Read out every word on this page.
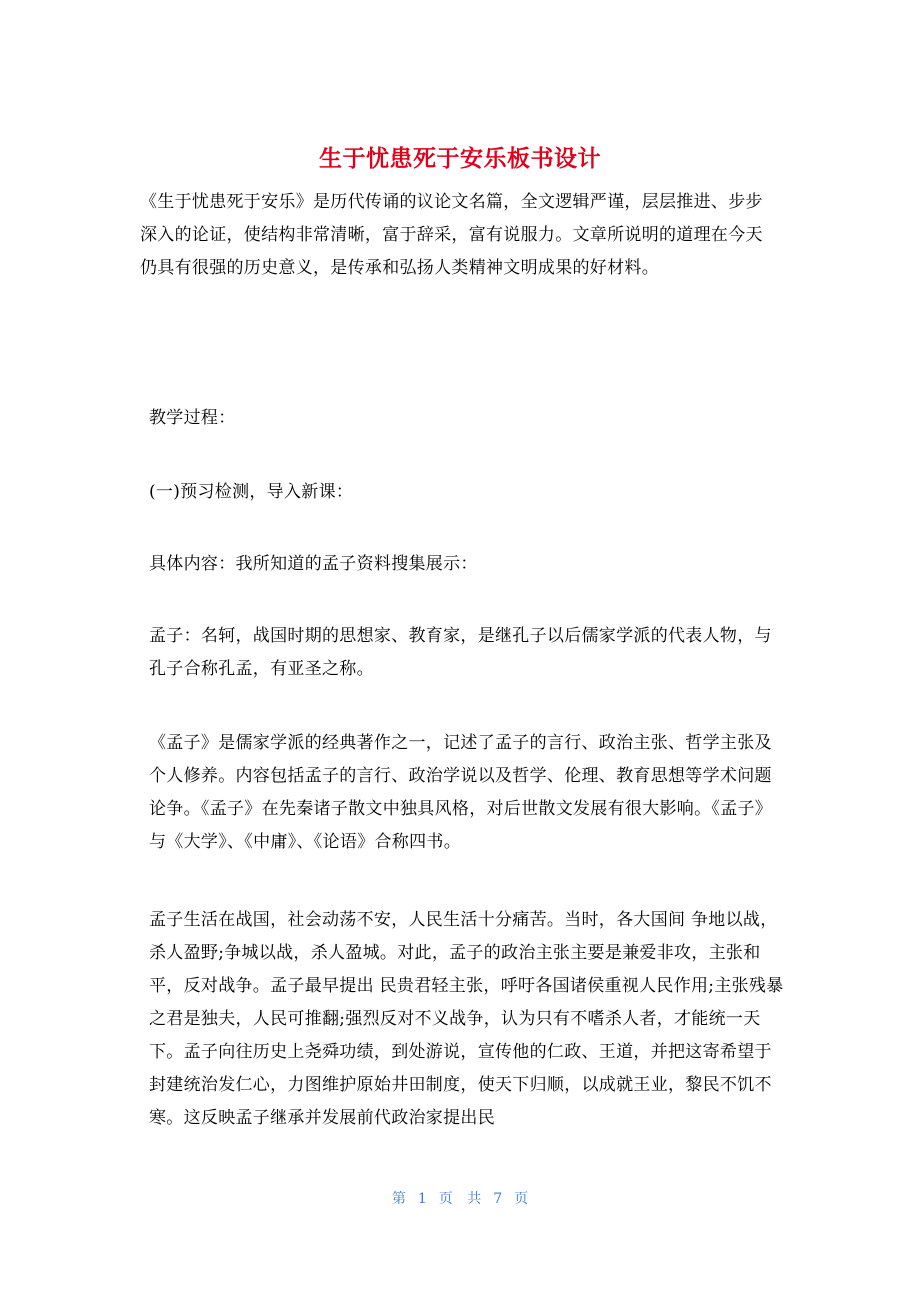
生于忧患死于安乐板书设计

《生于忧患死于安乐》是历代传诵的议论文名篇，全文逻辑严谨，层层推进、步步深入的论证，使结构非常清晰，富于辞采，富有说服力。文章所说明的道理在今天仍具有很强的历史意义，是传承和弘扬人类精神文明成果的好材料。

教学过程：

(一)预习检测，导入新课：

具体内容：我所知道的孟子资料搜集展示：

孟子：名轲，战国时期的思想家、教育家，是继孔子以后儒家学派的代表人物，与孔子合称孔孟，有亚圣之称。

《孟子》是儒家学派的经典著作之一，记述了孟子的言行、政治主张、哲学主张及个人修养。内容包括孟子的言行、政治学说以及哲学、伦理、教育思想等学术问题论争。《孟子》在先秦诸子散文中独具风格，对后世散文发展有很大影响。《孟子》与《大学》、《中庸》、《论语》合称四书。

孟子生活在战国，社会动荡不安，人民生活十分痛苦。当时，各大国间 争地以战，杀人盈野;争城以战，杀人盈城。对此，孟子的政治主张主要是兼爱非攻，主张和平，反对战争。孟子最早提出 民贵君轻主张，呼吁各国诸侯重视人民作用;主张残暴之君是独夫，人民可推翻;强烈反对不义战争，认为只有不嗜杀人者，才能统一天下。孟子向往历史上尧舜功绩，到处游说，宣传他的仁政、王道，并把这寄希望于封建统治发仁心，力图维护原始井田制度，使天下归顺，以成就王业，黎民不饥不寒。这反映孟子继承并发展前代政治家提出民

第 1 页 共 7 页
